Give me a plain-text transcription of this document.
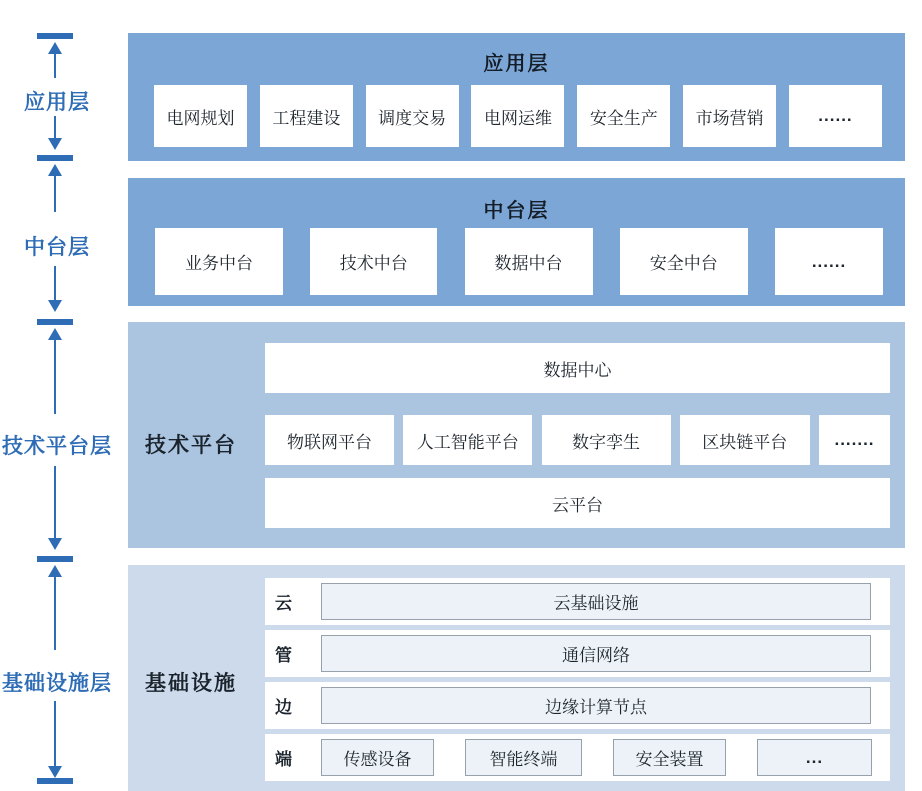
应用层
中台层
技术平台层
基础设施层
应用层
电网规划	工程建设	调度交易	电网运维	安全生产	市场营销	......
中台层
业务中台	技术中台	数据中台	安全中台	......
技术平台
数据中心
物联网平台	人工智能平台	数字孪生	区块链平台	.......
云平台
基础设施
云	云基础设施
管	通信网络
边	边缘计算节点
端	传感设备	智能终端	安全装置	...
